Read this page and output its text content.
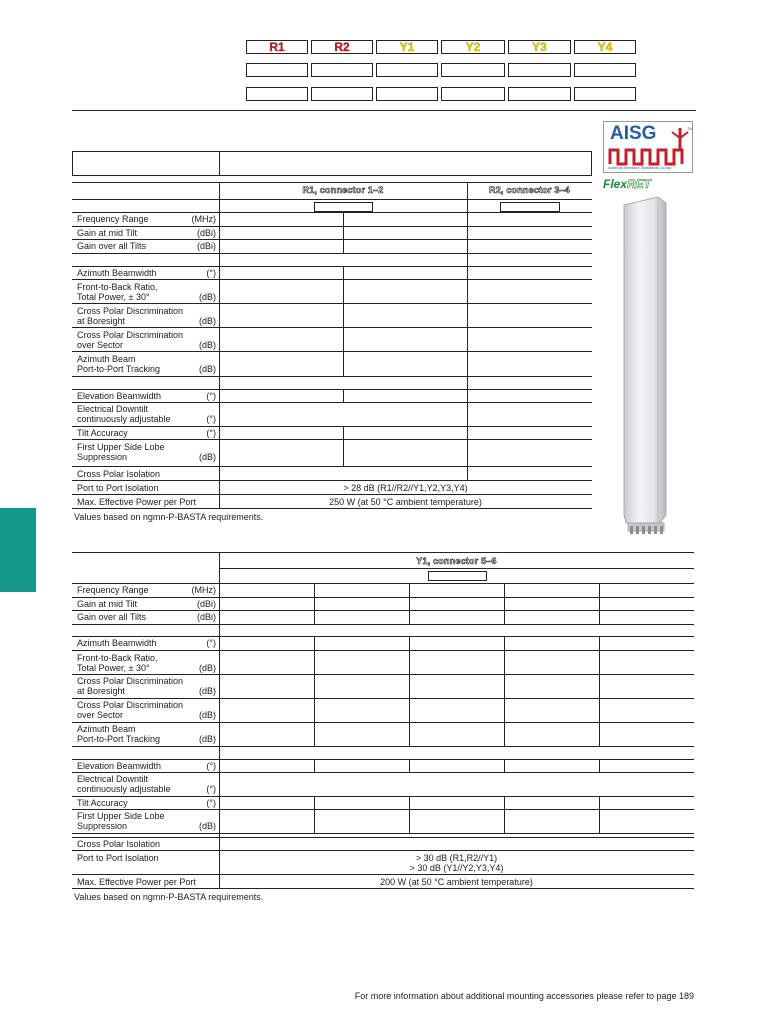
R1	R2	Y1	Y2	Y3	Y4
AISG	TM
Antenna Interface Standards Group
FlexRET
R1, connector 1–2	R2, connector 3–4
Frequency Range	(MHz)
Gain at mid Tilt	(dBi)
Gain over all Tilts	(dBi)
Azimuth Beamwidth	(°)
Front-to-Back Ratio,
Total Power, ± 30°	(dB)
Cross Polar Discrimination
at Boresight	(dB)
Cross Polar Discrimination
over Sector	(dB)
Azimuth Beam
Port-to-Port Tracking	(dB)
Elevation Beamwidth	(°)
Electrical Downtilt
continuously adjustable	(°)
Tilt Accuracy	(°)
First Upper Side Lobe
Suppression	(dB)
Cross Polar Isolation
Port to Port Isolation	> 28 dB (R1//R2//Y1,Y2,Y3,Y4)
Max. Effective Power per Port	250 W (at 50 °C ambient temperature)
Values based on ngmn-P-BASTA requirements.
Y1, connector 5–6
Frequency Range	(MHz)
Gain at mid Tilt	(dBi)
Gain over all Tilts	(dBi)
Azimuth Beamwidth	(°)
Front-to-Back Ratio,
Total Power, ± 30°	(dB)
Cross Polar Discrimination
at Boresight	(dB)
Cross Polar Discrimination
over Sector	(dB)
Azimuth Beam
Port-to-Port Tracking	(dB)
Elevation Beamwidth	(°)
Electrical Downtilt
continuously adjustable	(°)
Tilt Accuracy	(°)
First Upper Side Lobe
Suppression	(dB)
Cross Polar Isolation
Port to Port Isolation	> 30 dB (R1,R2//Y1)
> 30 dB (Y1//Y2,Y3,Y4)
Max. Effective Power per Port	200 W (at 50 °C ambient temperature)
Values based on ngmn-P-BASTA requirements.
For more information about additional mounting accessories please refer to page 189
